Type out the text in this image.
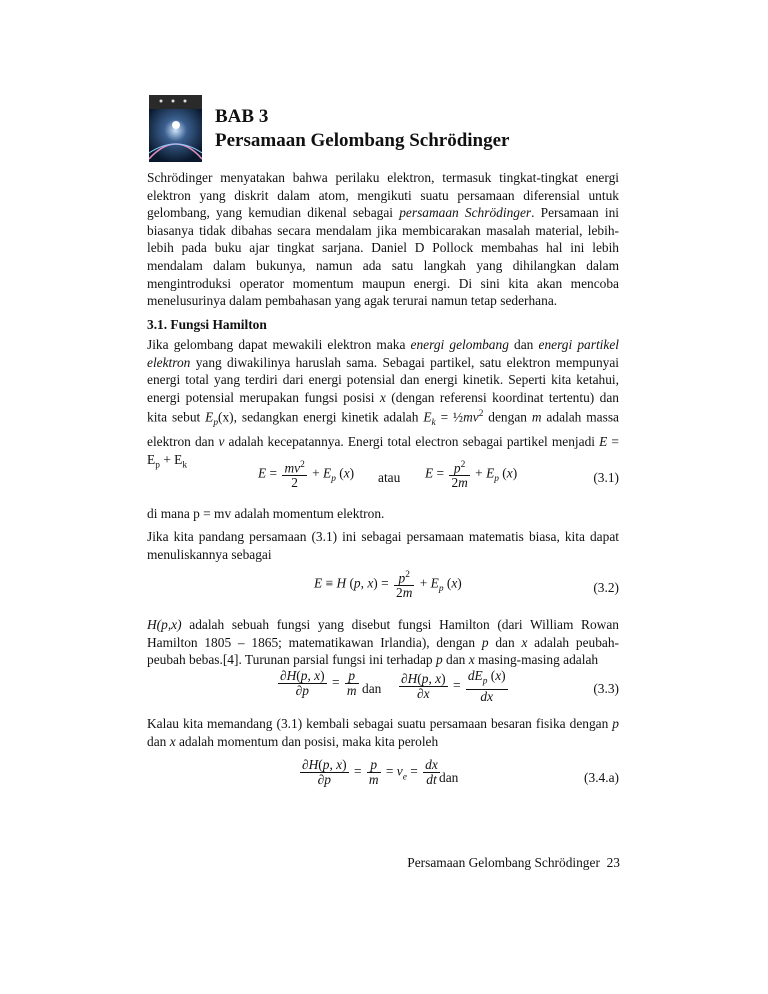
BAB 3
Persamaan Gelombang Schrödinger
Schrödinger menyatakan bahwa perilaku elektron, termasuk tingkat-tingkat energi elektron yang diskrit dalam atom, mengikuti suatu persamaan diferensial untuk gelombang, yang kemudian dikenal sebagai persamaan Schrödinger. Persamaan ini biasanya tidak dibahas secara mendalam jika membicarakan masalah material, lebih-lebih pada buku ajar tingkat sarjana. Daniel D Pollock membahas hal ini lebih mendalam dalam bukunya, namun ada satu langkah yang dihilangkan dalam mengintroduksi operator momentum maupun energi. Di sini kita akan mencoba menelusurinya dalam pembahasan yang agak terurai namun tetap sederhana.
3.1. Fungsi Hamilton
Jika gelombang dapat mewakili elektron maka energi gelombang dan energi partikel elektron yang diwakilinya haruslah sama. Sebagai partikel, satu elektron mempunyai energi total yang terdiri dari energi potensial dan energi kinetik. Seperti kita ketahui, energi potensial merupakan fungsi posisi x (dengan referensi koordinat tertentu) dan kita sebut $E_p(x)$, sedangkan energi kinetik adalah $E_k$ = $\frac{1}{2}mv^2$ dengan m adalah massa elektron dan v adalah kecepatannya. Energi total electron sebagai partikel menjadi $E = E_p + E_k$	$E = \frac{mv^2}{2} + E_p$ (x) atau $E = \frac{p^2}{2m} + E_p$ (x)	(3.1)
di mana p = mv adalah momentum elektron.
Jika kita pandang persamaan (3.1) ini sebagai persamaan matematis biasa, kita dapat menuliskannya sebagai
E ≡ H (p, $x) = \frac{p^2}{2m} + E_p$ (x)	(3.2)
H(p,x) adalah sebuah fungsi yang disebut fungsi Hamilton (dari William Rowan Hamilton 1805 – 1865; matematikawan Irlandia), dengan p dan x adalah peubah-peubah bebas.[4]. Turunan parsial fungsi ini terhadap p dan x masing-masing adalah
$\frac{\partial H(p, x)}{\partial p} = \frac{p}{m}$ dan $\frac{\partial H(p, x)}{\partial x} = \frac{dE_p (x)}{dx}$	(3.3)
Kalau kita memandang (3.1) kembali sebagai suatu persamaan besaran fisika dengan p dan x adalah momentum dan posisi, maka kita peroleh
$\frac{\partial H(p, x)}{\partial p} = \frac{p}{m} = v_e = \frac{dx}{dt}$ dan	(3.4.a)
Persamaan Gelombang Schrödinger 23
